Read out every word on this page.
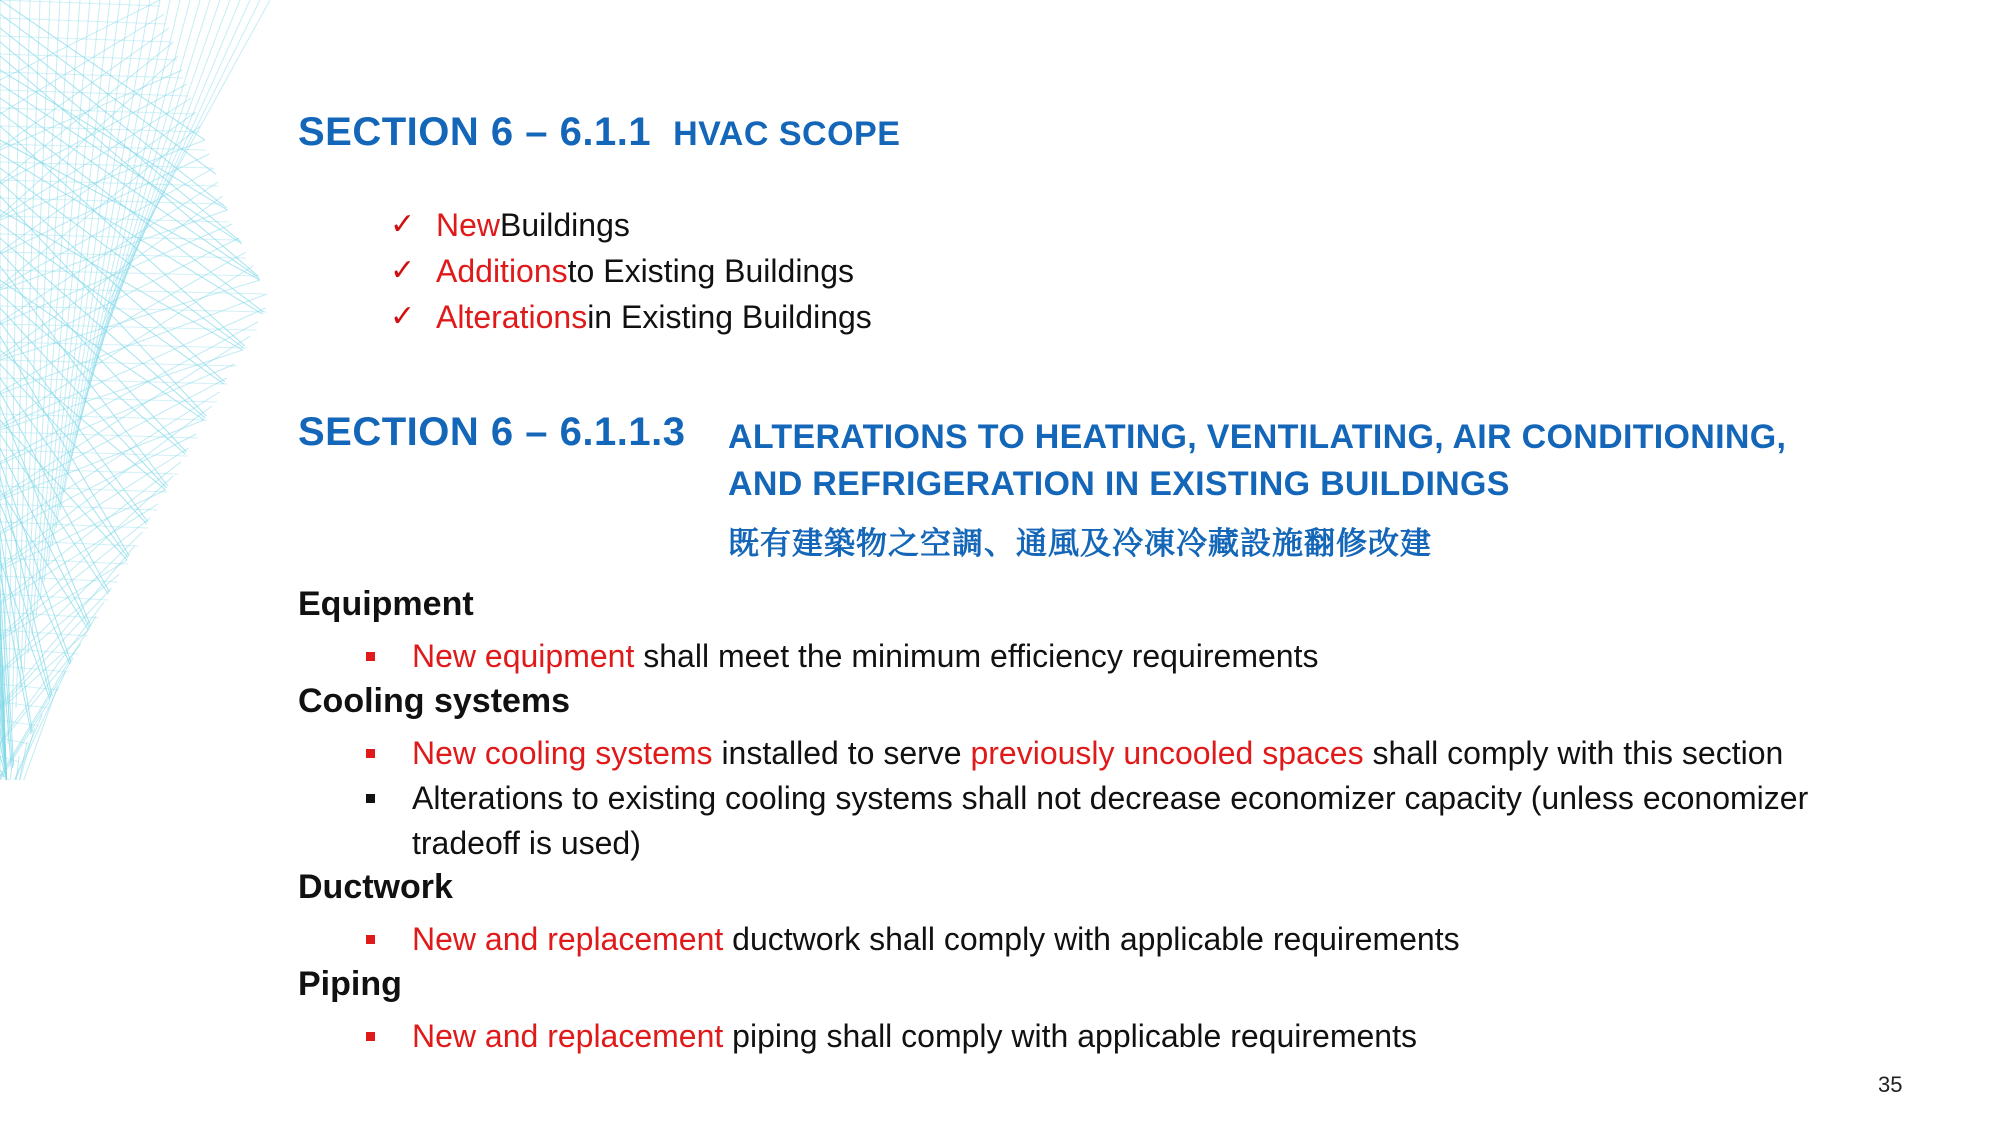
SECTION 6 – 6.1.1 HVAC SCOPE
✓ New Buildings
✓ Additions to Existing Buildings
✓ Alterations in Existing Buildings
SECTION 6 – 6.1.1.3 ALTERATIONS TO HEATING, VENTILATING, AIR CONDITIONING,
AND REFRIGERATION IN EXISTING BUILDINGS
既有建築物之空調、通風及冷凍冷藏設施翻修改建
Equipment
New equipment shall meet the minimum efficiency requirements
Cooling systems
New cooling systems installed to serve previously uncooled spaces shall comply with this section
Alterations to existing cooling systems shall not decrease economizer capacity (unless economizer tradeoff is used)
Ductwork
New and replacement ductwork shall comply with applicable requirements
Piping
New and replacement piping shall comply with applicable requirements
35
